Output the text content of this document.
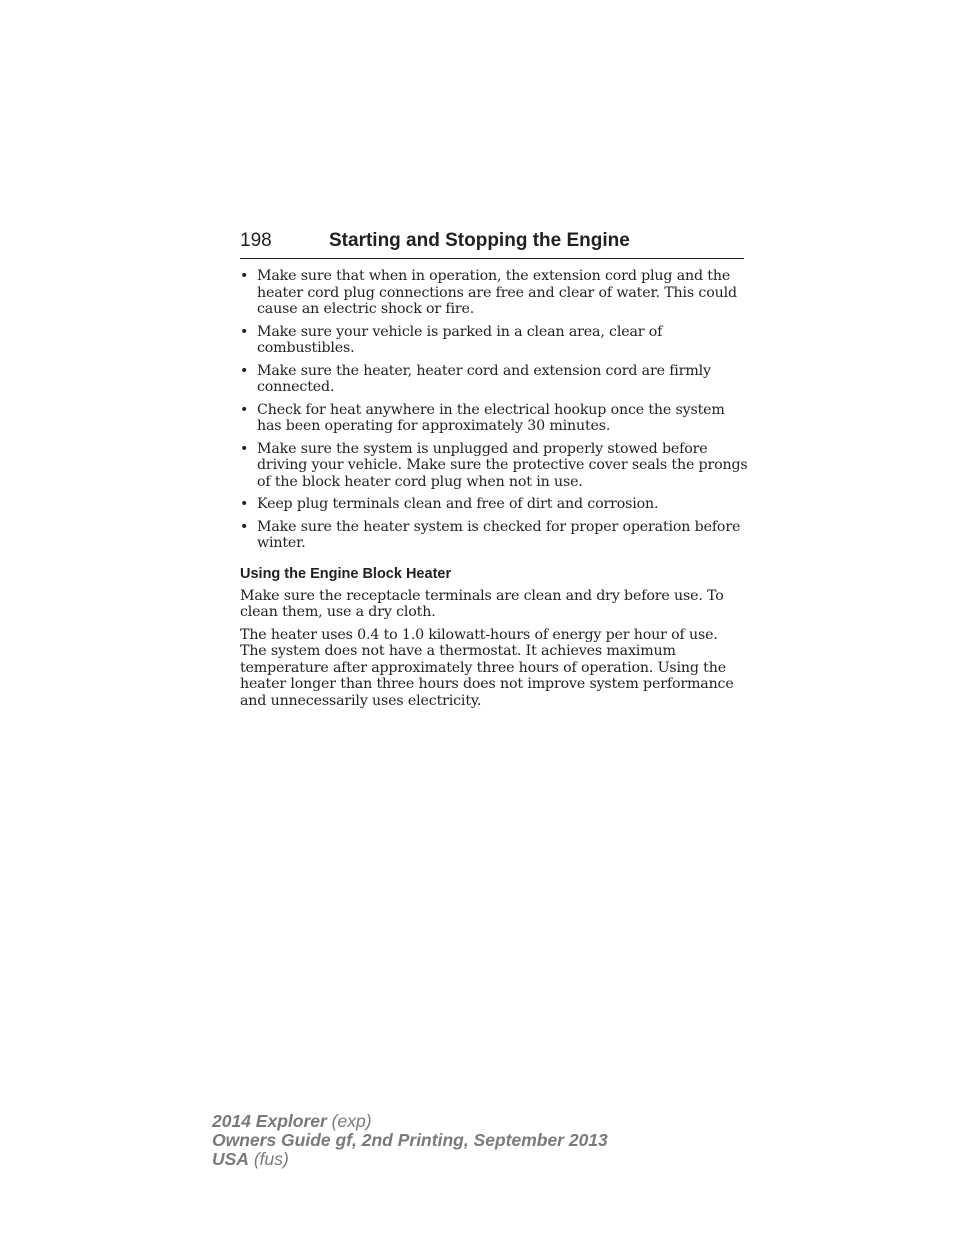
198	Starting and Stopping the Engine
• Make sure that when in operation, the extension cord plug and the heater cord plug connections are free and clear of water. This could cause an electric shock or fire.
• Make sure your vehicle is parked in a clean area, clear of combustibles.
• Make sure the heater, heater cord and extension cord are firmly connected.
• Check for heat anywhere in the electrical hookup once the system has been operating for approximately 30 minutes.
• Make sure the system is unplugged and properly stowed before driving your vehicle. Make sure the protective cover seals the prongs of the block heater cord plug when not in use.
• Keep plug terminals clean and free of dirt and corrosion.
• Make sure the heater system is checked for proper operation before winter.
Using the Engine Block Heater

Make sure the receptacle terminals are clean and dry before use. To clean them, use a dry cloth.

The heater uses 0.4 to 1.0 kilowatt-hours of energy per hour of use. The system does not have a thermostat. It achieves maximum temperature after approximately three hours of operation. Using the heater longer than three hours does not improve system performance and unnecessarily uses electricity.

2014 Explorer (exp)
Owners Guide gf, 2nd Printing, September 2013
USA (fus)
